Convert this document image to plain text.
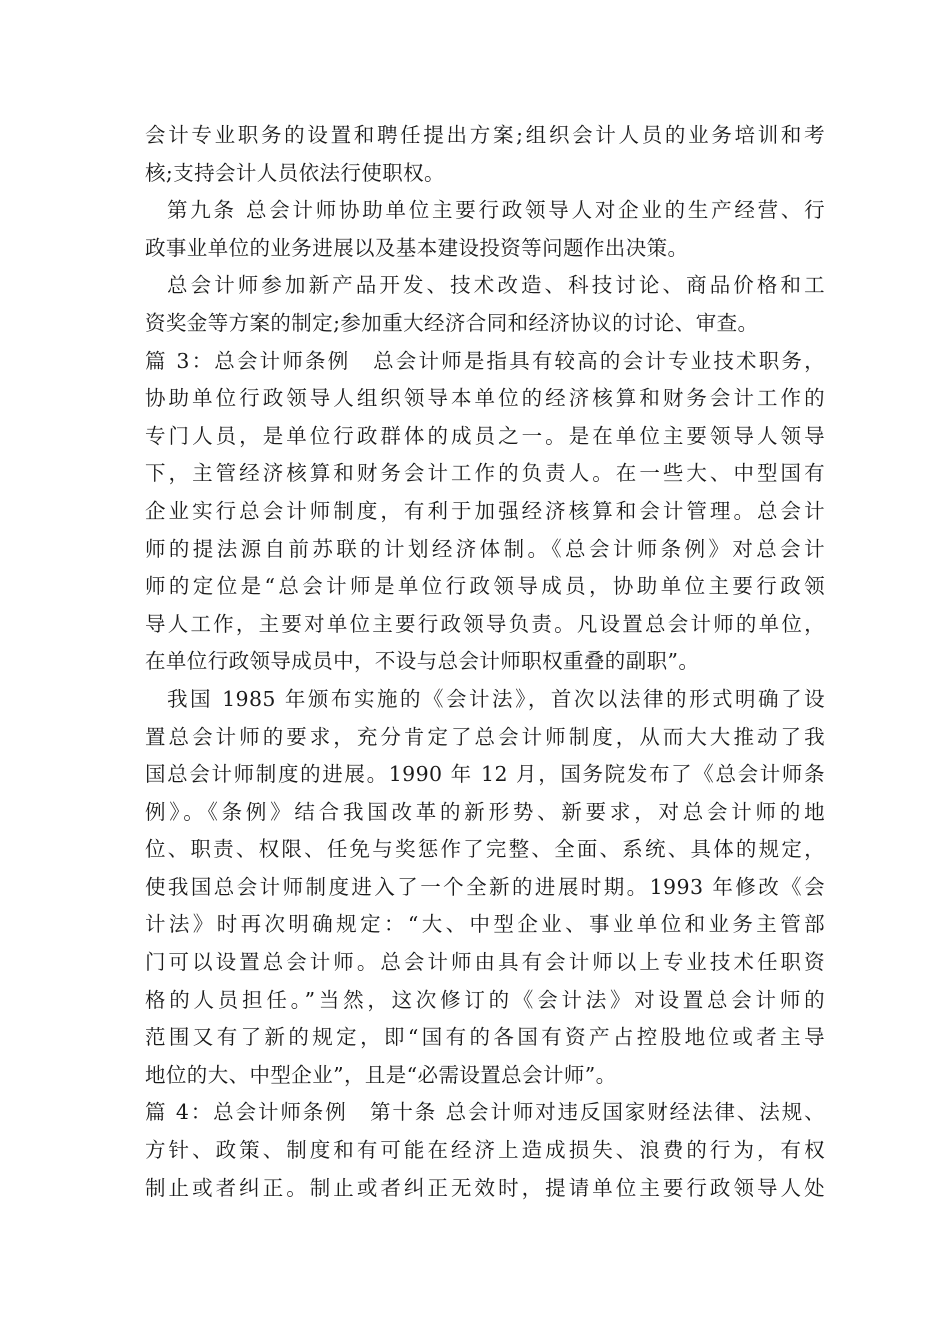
会计专业职务的设置和聘任提出方案;组织会计人员的业务培训和考
核;支持会计人员依法行使职权。
第九条 总会计师协助单位主要行政领导人对企业的生产经营、行
政事业单位的业务进展以及基本建设投资等问题作出决策。
总会计师参加新产品开发、技术改造、科技讨论、商品价格和工
资奖金等方案的制定;参加重大经济合同和经济协议的讨论、审查。
篇 3：总会计师条例　总会计师是指具有较高的会计专业技术职务，
协助单位行政领导人组织领导本单位的经济核算和财务会计工作的
专门人员，是单位行政群体的成员之一。是在单位主要领导人领导
下，主管经济核算和财务会计工作的负责人。在一些大、中型国有
企业实行总会计师制度，有利于加强经济核算和会计管理。总会计
师的提法源自前苏联的计划经济体制。《总会计师条例》对总会计
师的定位是“总会计师是单位行政领导成员，协助单位主要行政领
导人工作，主要对单位主要行政领导负责。凡设置总会计师的单位，
在单位行政领导成员中，不设与总会计师职权重叠的副职”。
我国 1985 年颁布实施的《会计法》，首次以法律的形式明确了设
置总会计师的要求，充分肯定了总会计师制度，从而大大推动了我
国总会计师制度的进展。1990 年 12 月，国务院发布了《总会计师条
例》。《条例》结合我国改革的新形势、新要求，对总会计师的地
位、职责、权限、任免与奖惩作了完整、全面、系统、具体的规定，
使我国总会计师制度进入了一个全新的进展时期。1993 年修改《会
计法》时再次明确规定：“大、中型企业、事业单位和业务主管部
门可以设置总会计师。总会计师由具有会计师以上专业技术任职资
格的人员担任。”当然，这次修订的《会计法》对设置总会计师的
范围又有了新的规定，即“国有的各国有资产占控股地位或者主导
地位的大、中型企业”，且是“必需设置总会计师”。
篇 4：总会计师条例　第十条 总会计师对违反国家财经法律、法规、
方针、政策、制度和有可能在经济上造成损失、浪费的行为，有权
制止或者纠正。制止或者纠正无效时，提请单位主要行政领导人处
